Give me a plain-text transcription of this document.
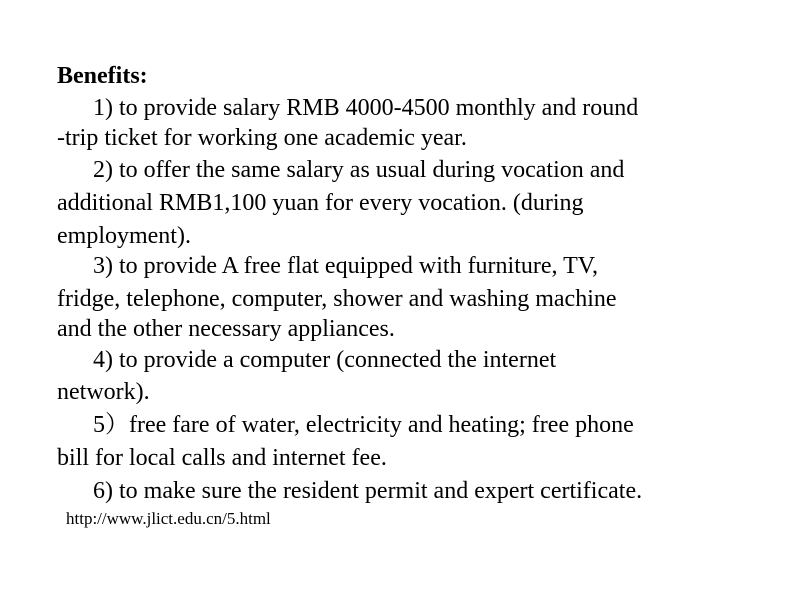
Benefits:
1) to provide salary RMB 4000-4500 monthly and round
-trip ticket for working one academic year.
2) to offer the same salary as usual during vocation and
additional RMB1,100 yuan for every vocation. (during
employment).
3) to provide A free flat equipped with furniture, TV,
fridge, telephone, computer, shower and washing machine
and the other necessary appliances.
4) to provide a computer (connected the internet
network).
5）free fare of water, electricity and heating; free phone
bill for local calls and internet fee.
6) to make sure the resident permit and expert certificate.
http://www.jlict.edu.cn/5.html
